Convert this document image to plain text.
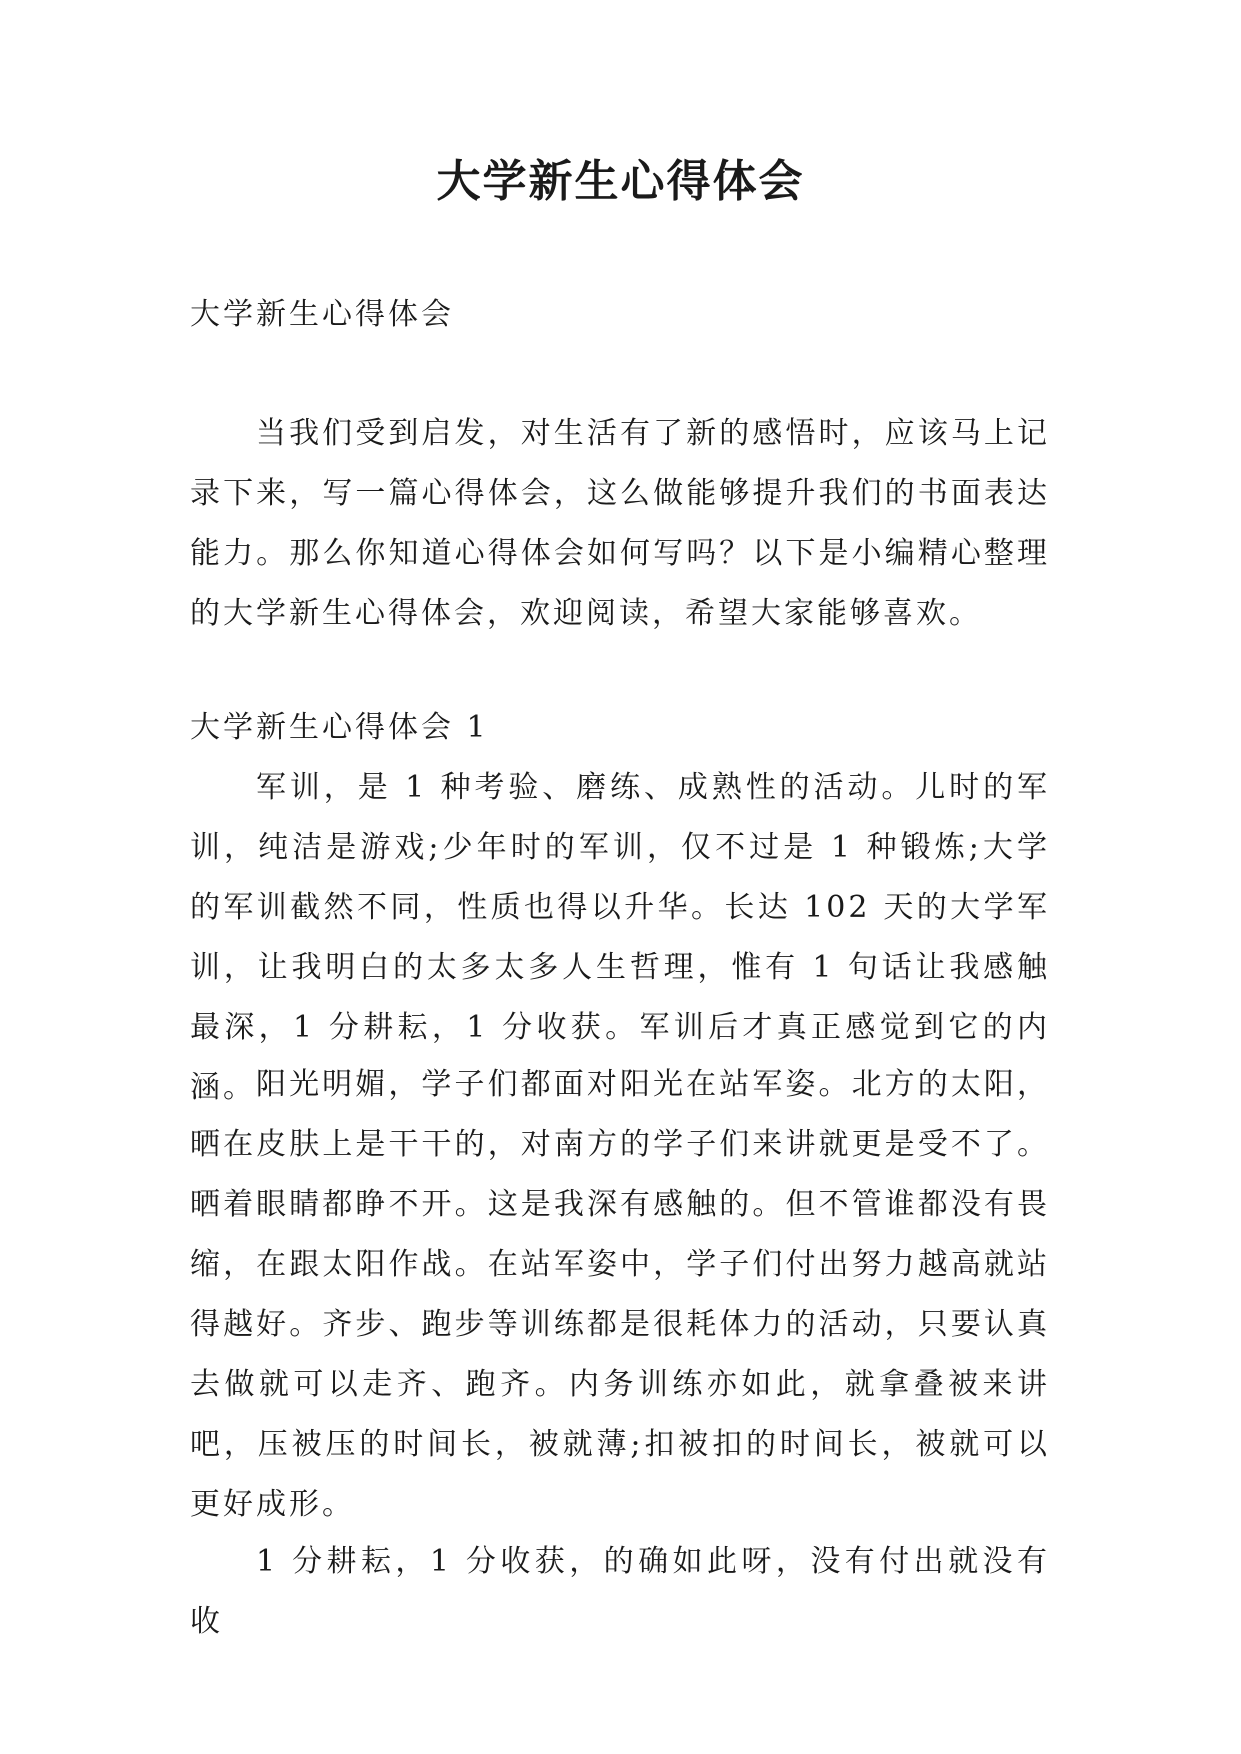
大学新生心得体会

大学新生心得体会

当我们受到启发，对生活有了新的感悟时，应该马上记录下来，写一篇心得体会，这么做能够提升我们的书面表达能力。那么你知道心得体会如何写吗？以下是小编精心整理的大学新生心得体会，欢迎阅读，希望大家能够喜欢。

大学新生心得体会 1

军训，是 1 种考验、磨练、成熟性的活动。儿时的军训，纯洁是游戏;少年时的军训，仅不过是 1 种锻炼;大学的军训截然不同，性质也得以升华。长达 102 天的大学军训，让我明白的太多太多人生哲理，惟有 1 句话让我感触最深，1 分耕耘，1 分收获。军训后才真正感觉到它的内涵。 阳光明媚，学子们都面对阳光在站军姿。北方的太阳，晒在皮肤上是干干的，对南方的学子们来讲就更是受不了。晒着眼睛都睁不开。这是我深有感触的。但不管谁都没有畏缩，在跟太阳作战。在站军姿中，学子们付出努力越高就站得越好。齐步、跑步等训练都是很耗体力的活动，只要认真去做就可以走齐、跑齐。内务训练亦如此，就拿叠被来讲吧，压被压的时间长，被就薄;扣被扣的时间长，被就可以更好成形。

1 分耕耘，1 分收获，的确如此呀，没有付出就没有收
